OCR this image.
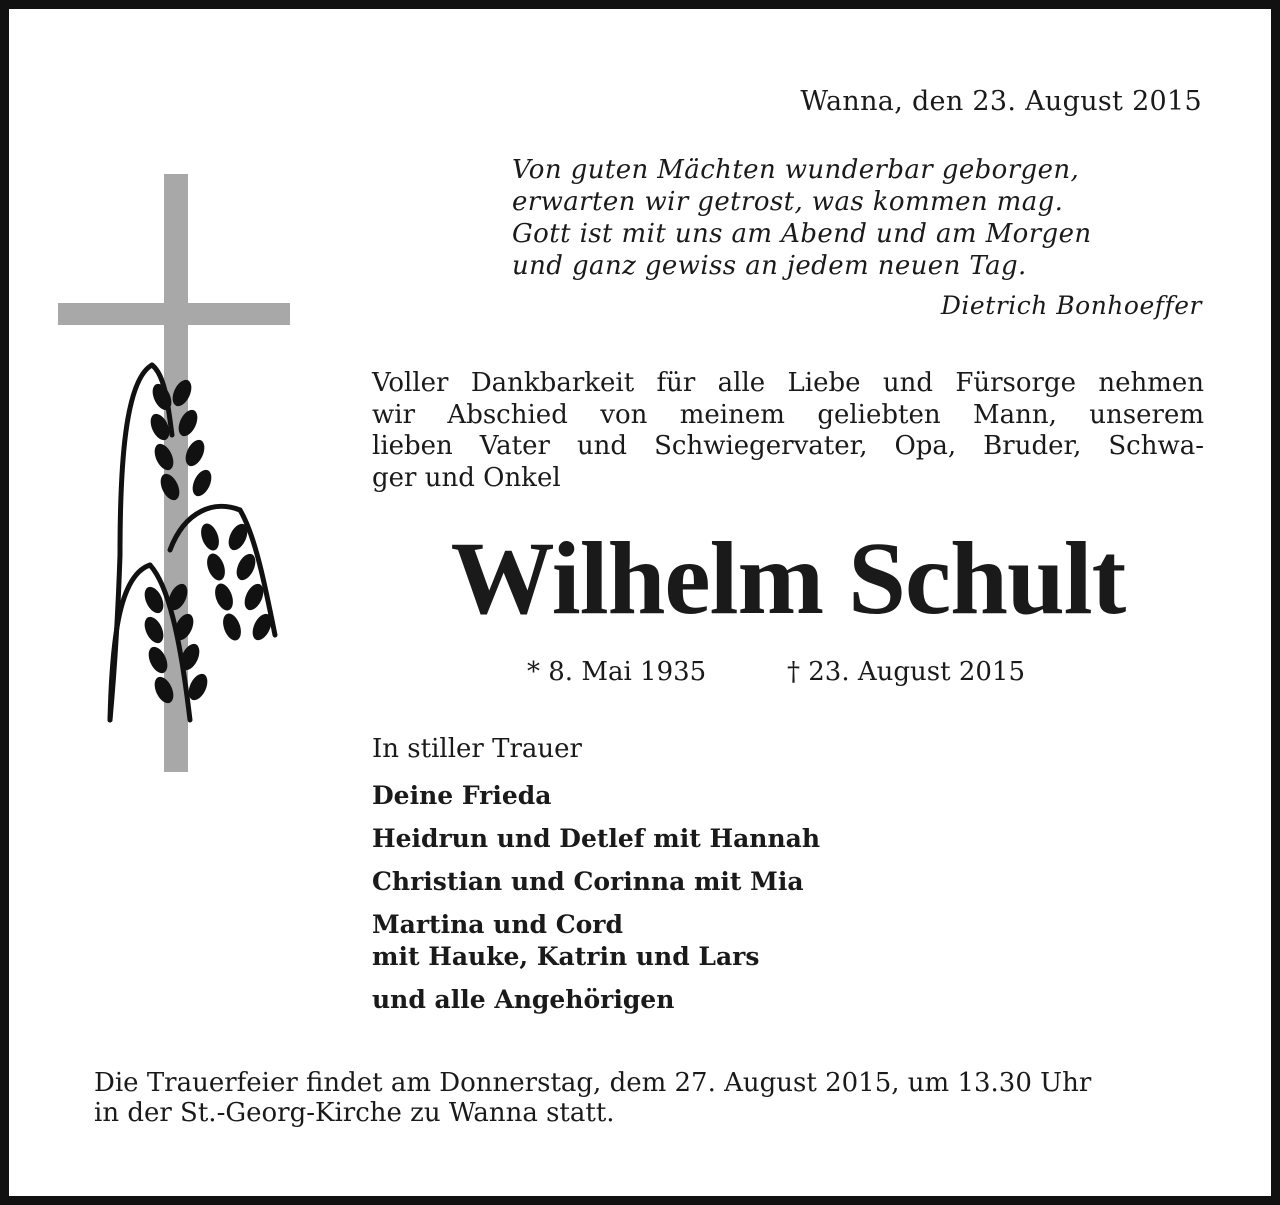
Wanna, den 23. August 2015

Von guten Mächten wunderbar geborgen,
erwarten wir getrost, was kommen mag.
Gott ist mit uns am Abend und am Morgen
und ganz gewiss an jedem neuen Tag.

Dietrich Bonhoeffer

Voller Dankbarkeit für alle Liebe und Fürsorge nehmen
wir Abschied von meinem geliebten Mann, unserem
lieben Vater und Schwiegervater, Opa, Bruder, Schwa-
ger und Onkel
Wilhelm Schult

* 8. Mai 1935	† 23. August 2015

In stiller Trauer

Deine Frieda
Heidrun und Detlef mit Hannah
Christian und Corinna mit Mia
Martina und Cord
mit Hauke, Katrin und Lars
und alle Angehörigen
Die Trauerfeier findet am Donnerstag, dem 27. August 2015, um 13.30 Uhr
in der St.-Georg-Kirche zu Wanna statt.
